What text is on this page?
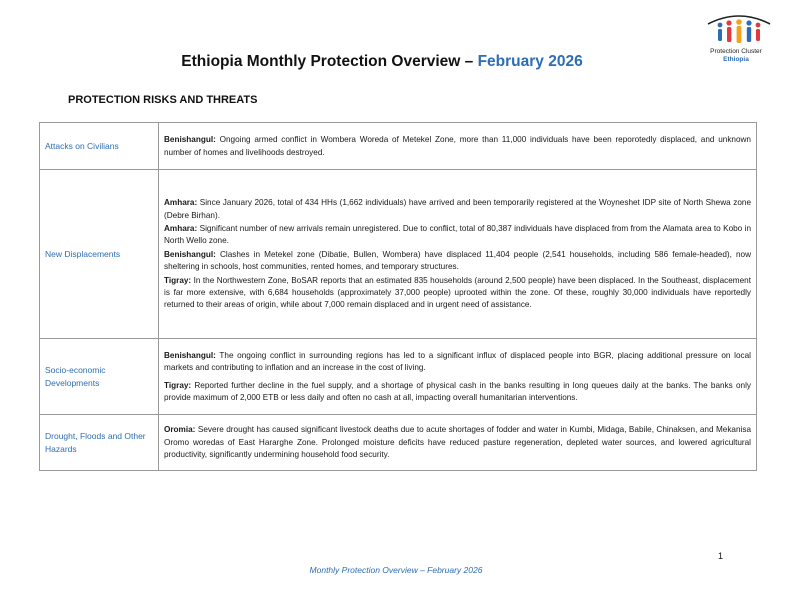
Protection Cluster
Ethiopia
Ethiopia Monthly Protection Overview – February 2026
PROTECTION RISKS AND THREATS
Attacks on Civilians	Benishangul: Ongoing armed conflict in Wombera Woreda of Metekel Zone, more than 11,000 individuals have been reporotedly displaced, and unknown number of homes and livelihoods destroyed.

New Displacements	Amhara: Since January 2026, total of 434 HHs (1,662 individuals) have arrived and been temporarily registered at the Woyneshet IDP site of North Shewa zone (Debre Birhan).

Amhara: Significant number of new arrivals remain unregistered. Due to conflict, total of 80,387 individuals have displaced from from the Alamata area to Kobo in North Wello zone.

Benishangul: Clashes in Metekel zone (Dibatie, Bullen, Wombera) have displaced 11,404 people (2,541 households, including 586 female-headed), now sheltering in schools, host communities, rented homes, and temporary structures.

Tigray: In the Northwestern Zone, BoSAR reports that an estimated 835 households (around 2,500 people) have been displaced. In the Southeast, displacement is far more extensive, with 6,684 households (approximately 37,000 people) uprooted within the zone. Of these, roughly 30,000 individuals have reportedly returned to their areas of origin, while about 7,000 remain displaced and in urgent need of assistance.

Socio-economic Developments	Benishangul: The ongoing conflict in surrounding regions has led to a significant influx of displaced people into BGR, placing additional pressure on local markets and contributing to inflation and an increase in the cost of living.

Tigray: Reported further decline in the fuel supply, and a shortage of physical cash in the banks resulting in long queues daily at the banks. The banks only provide maximum of 2,000 ETB or less daily and often no cash at all, impacting overall humanitarian interventions.

Drought, Floods and Other Hazards	Oromia: Severe drought has caused significant livestock deaths due to acute shortages of fodder and water in Kumbi, Midaga, Babile, Chinaksen, and Mekanisa Oromo woredas of East Hararghe Zone. Prolonged moisture deficits have reduced pasture regeneration, depleted water sources, and lowered agricultural productivity, significantly undermining household food security.

1
Monthly Protection Overview – February 2026
